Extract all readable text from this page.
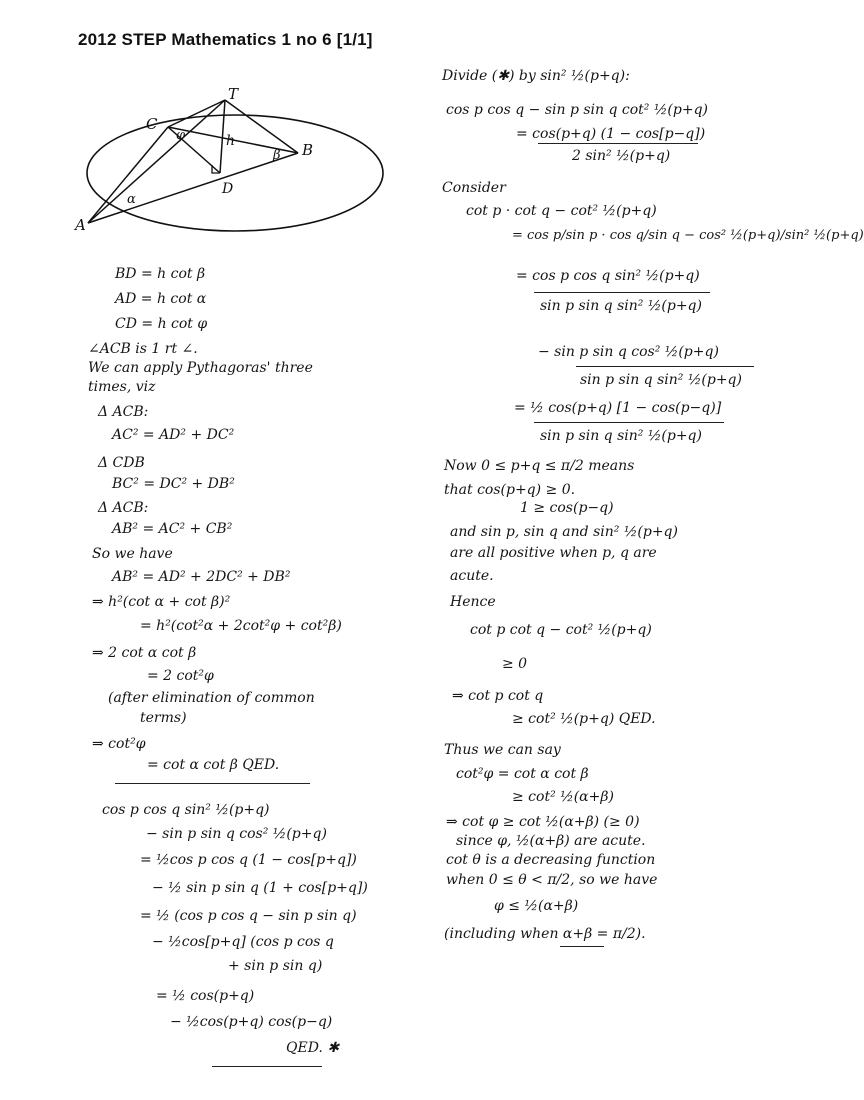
2012 STEP Mathematics 1 no 6 [1/1]
T
C
B
A
D
h
φ
β
α
BD = h cot β
AD = h cot α
CD = h cot φ
∠ACB is 1 rt ∠.
We can apply Pythagoras' three
times, viz
Δ ACB:
AC² = AD² + DC²
Δ CDB
BC² = DC² + DB²
Δ ACB:
AB² = AC² + CB²
So we have
AB² = AD² + 2DC² + DB²
⇒ h²(cot α + cot β)²
= h²(cot²α + 2cot²φ + cot²β)
⇒ 2 cot α cot β
= 2 cot²φ
(after elimination of common
terms)
⇒ cot²φ
= cot α cot β QED.
cos p cos q sin² ½(p+q)
− sin p sin q cos² ½(p+q)
= ½cos p cos q (1 − cos[p+q])
− ½ sin p sin q (1 + cos[p+q])
= ½ (cos p cos q − sin p sin q)
− ½cos[p+q] (cos p cos q
+ sin p sin q)
= ½ cos(p+q)
− ½cos(p+q) cos(p−q)
QED. ✱
Divide (✱) by sin² ½(p+q):
cos p cos q − sin p sin q cot² ½(p+q)
= cos(p+q) (1 − cos[p−q])
2 sin² ½(p+q)
Consider
cot p · cot q − cot² ½(p+q)
= cos p/sin p · cos q/sin q − cos² ½(p+q)/sin² ½(p+q)
= cos p cos q sin² ½(p+q)
sin p sin q sin² ½(p+q)
− sin p sin q cos² ½(p+q)
sin p sin q sin² ½(p+q)
= ½ cos(p+q) [1 − cos(p−q)]
sin p sin q sin² ½(p+q)
Now 0 ≤ p+q ≤ π/2 means
that cos(p+q) ≥ 0.
1 ≥ cos(p−q)
and sin p, sin q and sin² ½(p+q)
are all positive when p, q are
acute.
Hence
cot p cot q − cot² ½(p+q)
≥ 0
⇒ cot p cot q
≥ cot² ½(p+q) QED.
Thus we can say
cot²φ = cot α cot β
≥ cot² ½(α+β)
⇒ cot φ ≥ cot ½(α+β) (≥ 0)
since φ, ½(α+β) are acute.
cot θ is a decreasing function
when 0 ≤ θ < π/2, so we have
φ ≤ ½(α+β)
(including when α+β = π/2).
